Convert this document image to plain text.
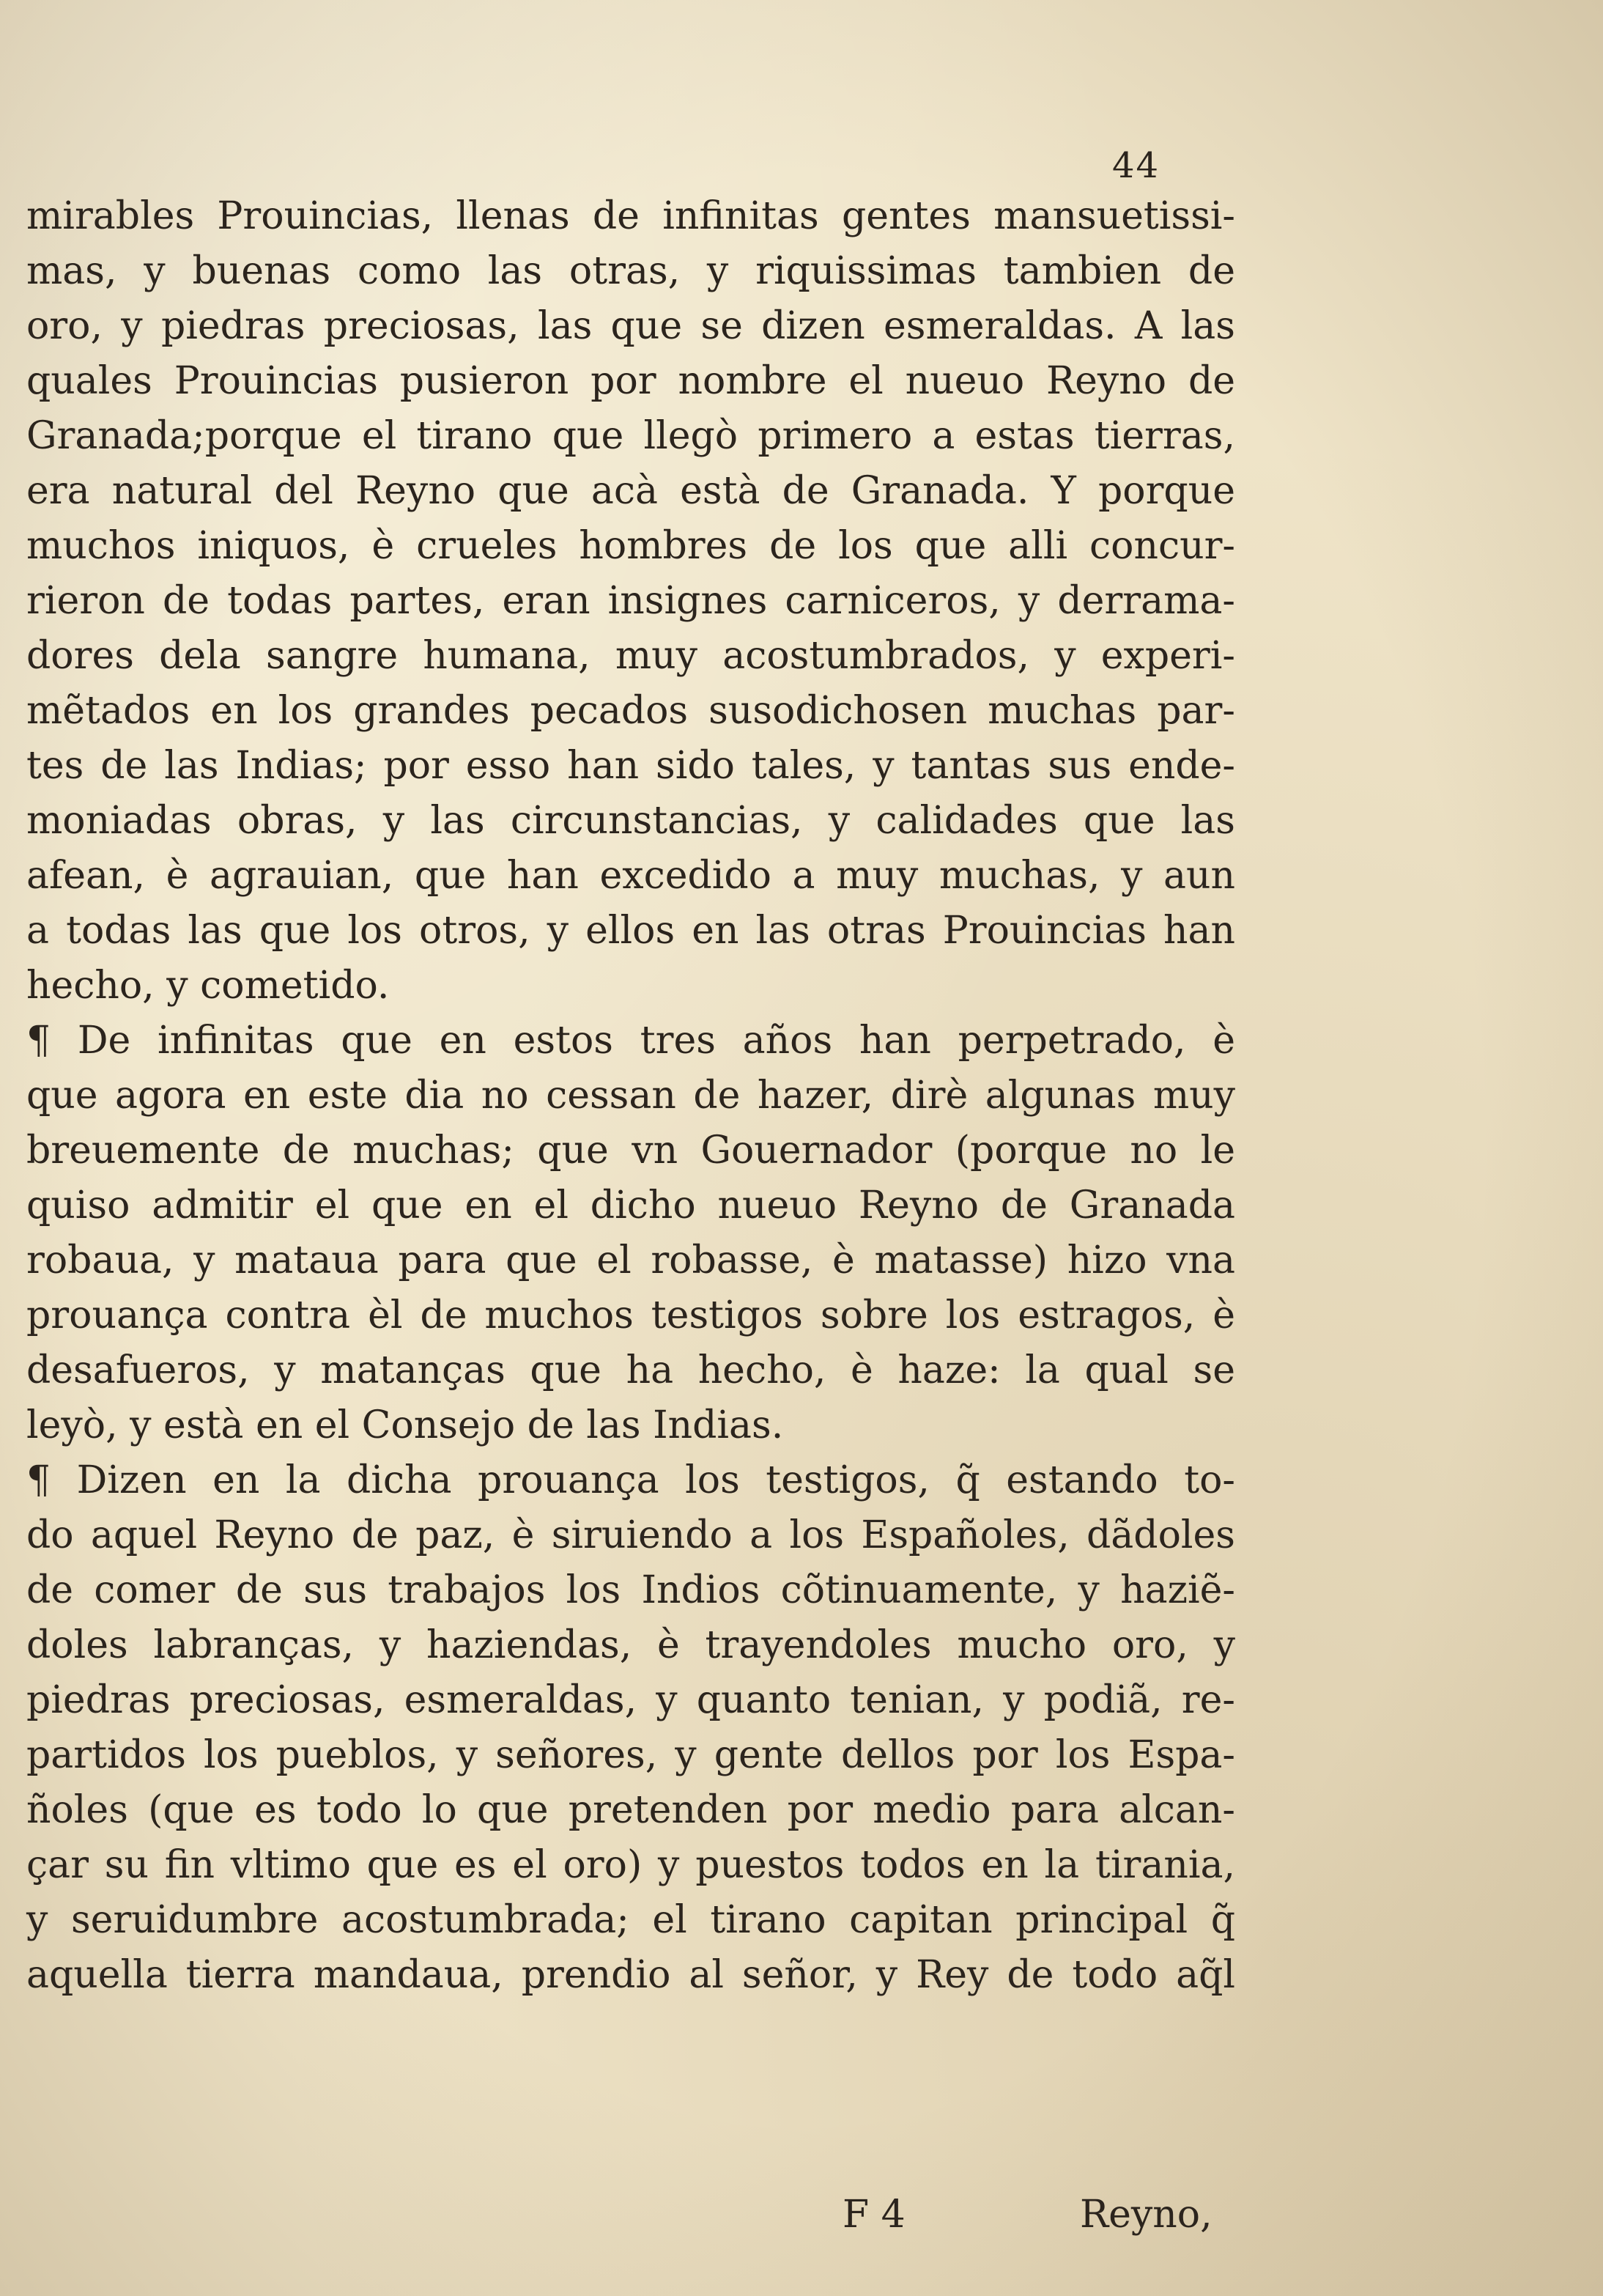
44
mirables Prouincias, llenas de infinitas gentes mansuetissi-
mas, y buenas como las otras, y riquissimas tambien de
oro, y piedras preciosas, las que se dizen esmeraldas. A las
quales Prouincias pusieron por nombre el nueuo Reyno de
Granada;porque el tirano que llegò primero a estas tierras,
era natural del Reyno que acà està de Granada. Y porque
muchos iniquos, è crueles hombres de los que alli concur-
rieron de todas partes, eran insignes carniceros, y derrama-
dores dela sangre humana, muy acostumbrados, y experi-
mẽtados en los grandes pecados susodichosen muchas par-
tes de las Indias; por esso han sido tales, y tantas sus ende-
moniadas obras, y las circunstancias, y calidades que las
afean, è agrauian, que han excedido a muy muchas, y aun
a todas las que los otros, y ellos en las otras Prouincias han
hecho, y cometido.
¶ De infinitas que en estos tres años han perpetrado, è
que agora en este dia no cessan de hazer, dirè algunas muy
breuemente de muchas; que vn Gouernador (porque no le
quiso admitir el que en el dicho nueuo Reyno de Granada
robaua, y mataua para que el robasse, è matasse) hizo vna
prouança contra èl de muchos testigos sobre los estragos, è
desafueros, y matanças que ha hecho, è haze: la qual se
leyò, y està en el Consejo de las Indias.
¶ Dizen en la dicha prouança los testigos, q̃ estando to-
do aquel Reyno de paz, è siruiendo a los Españoles, dãdoles
de comer de sus trabajos los Indios cõtinuamente, y haziẽ-
doles labranças, y haziendas, è trayendoles mucho oro, y
piedras preciosas, esmeraldas, y quanto tenian, y podiã, re-
partidos los pueblos, y señores, y gente dellos por los Espa-
ñoles (que es todo lo que pretenden por medio para alcan-
çar su fin vltimo que es el oro) y puestos todos en la tirania,
y seruidumbre acostumbrada; el tirano capitan principal q̃
aquella tierra mandaua, prendio al señor, y Rey de todo aq̃l
F 4	Reyno,
